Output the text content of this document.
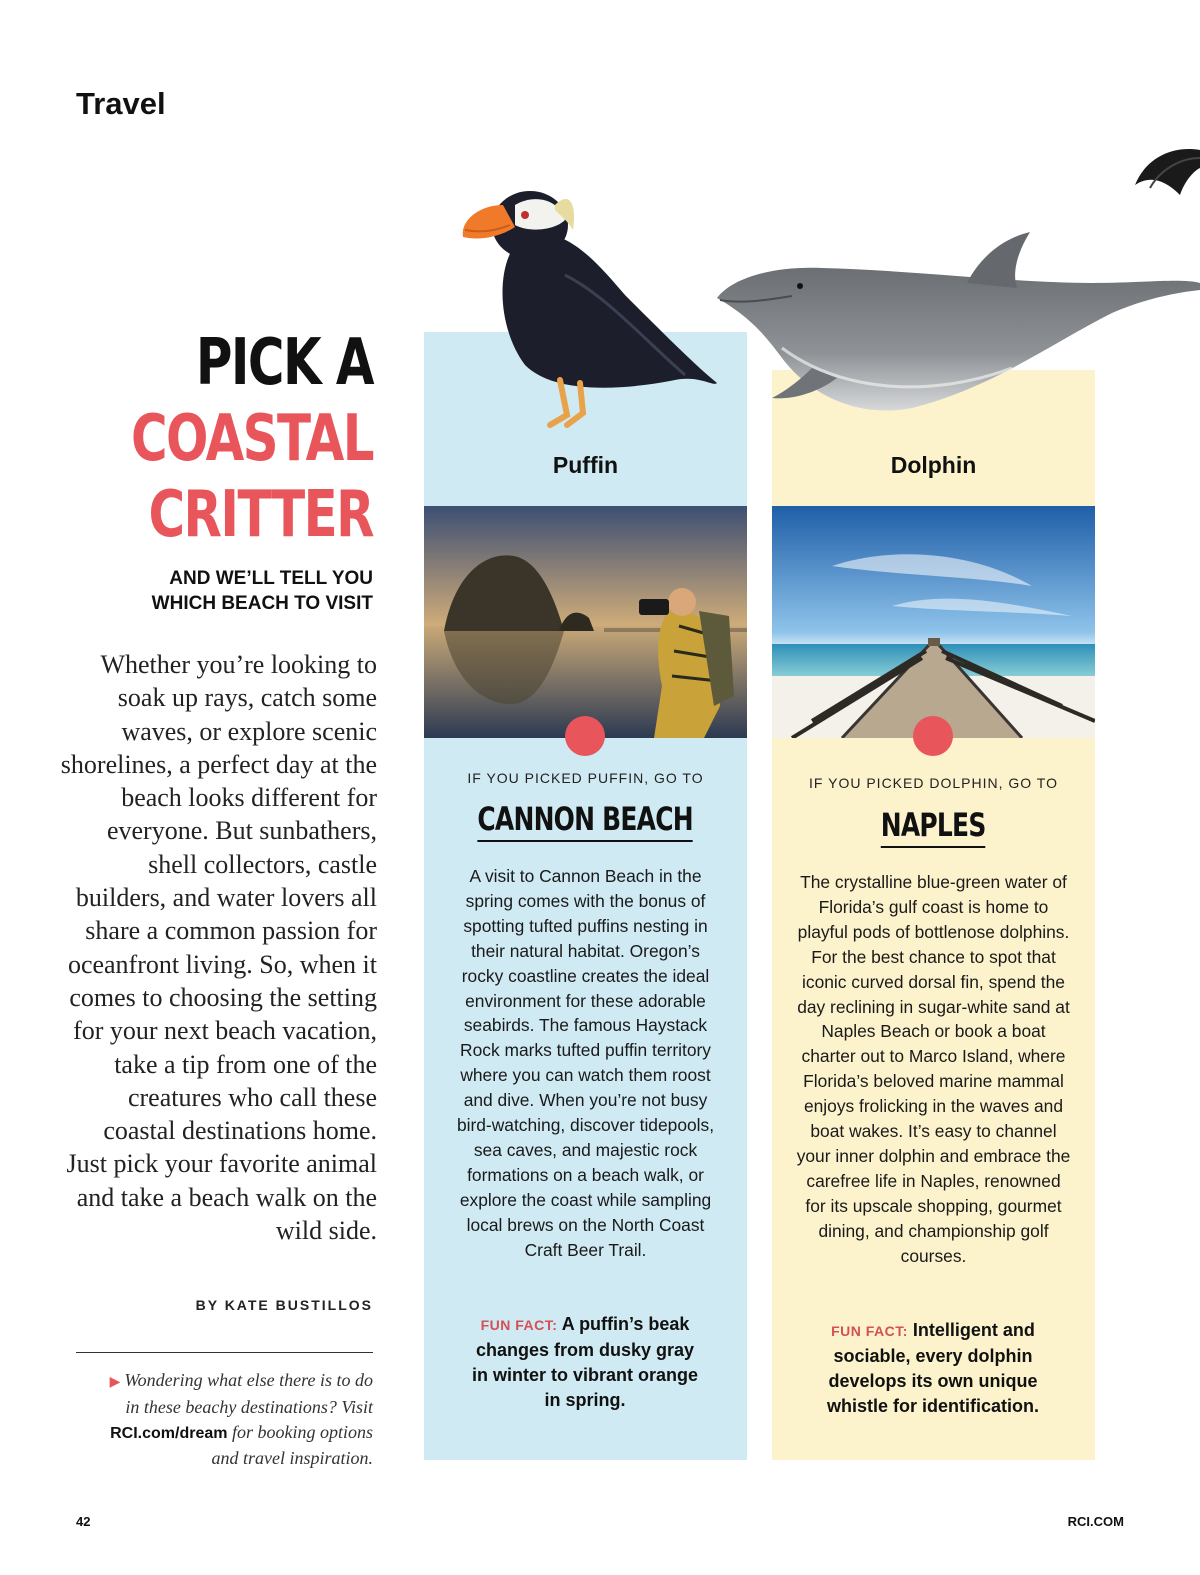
Travel
PICK A
COASTAL
CRITTER
AND WE’LL TELL YOU
WHICH BEACH TO VISIT
Whether you’re looking to soak up rays, catch some waves, or explore scenic shorelines, a perfect day at the beach looks different for everyone. But sunbathers, shell collectors, castle builders, and water lovers all share a common passion for oceanfront living. So, when it comes to choosing the setting for your next beach vacation, take a tip from one of the creatures who call these coastal destinations home. Just pick your favorite animal and take a beach walk on the wild side.
BY KATE BUSTILLOS
▶ Wondering what else there is to do in these beachy destinations? Visit RCI.com/dream for booking options and travel inspiration.
Puffin
IF YOU PICKED PUFFIN, GO TO
CANNON BEACH
A visit to Cannon Beach in the spring comes with the bonus of spotting tufted puffins nesting in their natural habitat. Oregon’s rocky coastline creates the ideal environment for these adorable seabirds. The famous Haystack Rock marks tufted puffin territory where you can watch them roost and dive. When you’re not busy bird-watching, discover tidepools, sea caves, and majestic rock formations on a beach walk, or explore the coast while sampling local brews on the North Coast Craft Beer Trail.
FUN FACT: A puffin’s beak changes from dusky gray in winter to vibrant orange in spring.
Dolphin
IF YOU PICKED DOLPHIN, GO TO
NAPLES
The crystalline blue-green water of Florida’s gulf coast is home to playful pods of bottlenose dolphins. For the best chance to spot that iconic curved dorsal fin, spend the day reclining in sugar-white sand at Naples Beach or book a boat charter out to Marco Island, where Florida’s beloved marine mammal enjoys frolicking in the waves and boat wakes. It’s easy to channel your inner dolphin and embrace the carefree life in Naples, renowned for its upscale shopping, gourmet dining, and championship golf courses.
FUN FACT: Intelligent and sociable, every dolphin develops its own unique whistle for identification.
42	RCI.COM
